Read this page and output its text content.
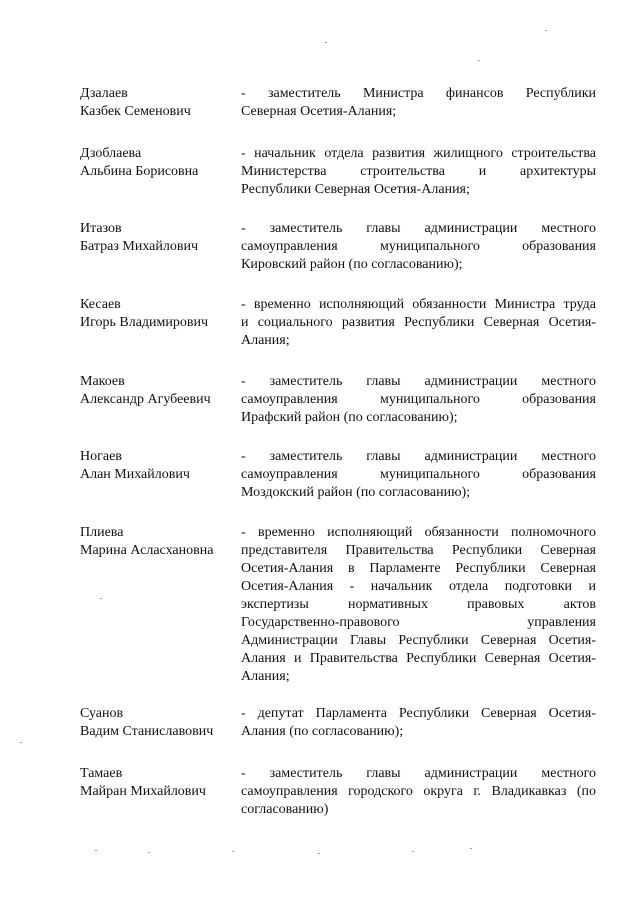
Дзалаев
Казбек Семенович
- заместитель Министра финансов Республики
Северная Осетия-Алания;
Дзоблаева
Альбина Борисовна
- начальник отдела развития жилищного строительства
Министерства строительства и архитектуры
Республики Северная Осетия-Алания;
Итазов
Батраз Михайлович
- заместитель главы администрации местного
самоуправления муниципального образования
Кировский район (по согласованию);
Кесаев
Игорь Владимирович
- временно исполняющий обязанности Министра труда
и социального развития Республики Северная Осетия-
Алания;
Макоев
Александр Агубеевич
- заместитель главы администрации местного
самоуправления муниципального образования
Ирафский район (по согласованию);
Ногаев
Алан Михайлович
- заместитель главы администрации местного
самоуправления муниципального образования
Моздокский район (по согласованию);
Плиева
Марина Асласхановна
- временно исполняющий обязанности полномочного
представителя Правительства Республики Северная
Осетия-Алания в Парламенте Республики Северная
Осетия-Алания - начальник отдела подготовки и
экспертизы нормативных правовых актов
Государственно-правового управления
Администрации Главы Республики Северная Осетия-
Алания и Правительства Республики Северная Осетия-
Алания;
Суанов
Вадим Станиславович
- депутат Парламента Республики Северная Осетия-
Алания (по согласованию);
Тамаев
Майран Михайлович
- заместитель главы администрации местного
самоуправления городского округа г. Владикавказ (по
согласованию)
